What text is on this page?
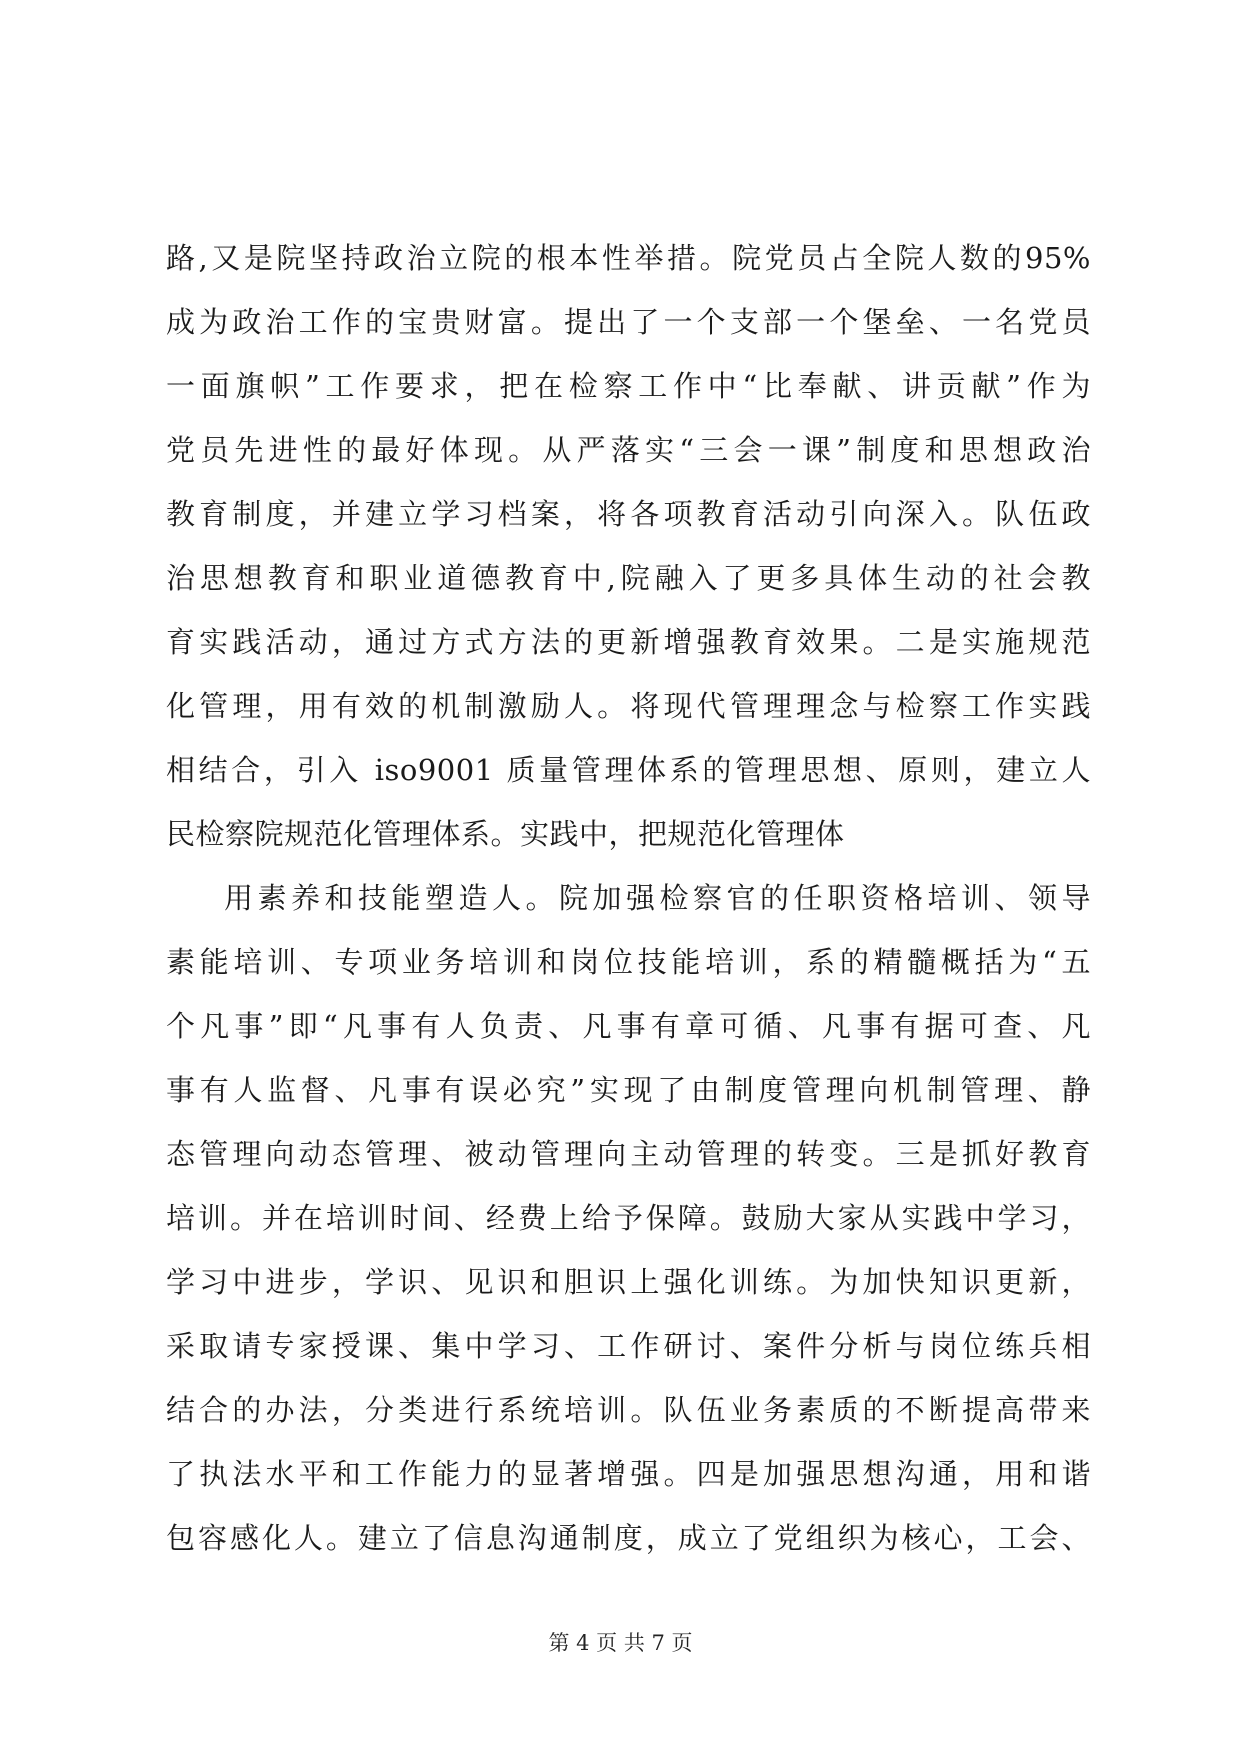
路,又是院坚持政治立院的根本性举措。院党员占全院人数的95%
成为政治工作的宝贵财富。提出了一个支部一个堡垒、一名党员
一面旗帜”工作要求，把在检察工作中“比奉献、讲贡献”作为
党员先进性的最好体现。从严落实“三会一课”制度和思想政治
教育制度，并建立学习档案，将各项教育活动引向深入。队伍政
治思想教育和职业道德教育中,院融入了更多具体生动的社会教
育实践活动，通过方式方法的更新增强教育效果。二是实施规范
化管理，用有效的机制激励人。将现代管理理念与检察工作实践
相结合，引入 iso9001 质量管理体系的管理思想、原则，建立人
民检察院规范化管理体系。实践中，把规范化管理体
用素养和技能塑造人。院加强检察官的任职资格培训、领导
素能培训、专项业务培训和岗位技能培训，系的精髓概括为“五
个凡事”即“凡事有人负责、凡事有章可循、凡事有据可查、凡
事有人监督、凡事有误必究”实现了由制度管理向机制管理、静
态管理向动态管理、被动管理向主动管理的转变。三是抓好教育
培训。并在培训时间、经费上给予保障。鼓励大家从实践中学习，
学习中进步，学识、见识和胆识上强化训练。为加快知识更新，
采取请专家授课、集中学习、工作研讨、案件分析与岗位练兵相
结合的办法，分类进行系统培训。队伍业务素质的不断提高带来
了执法水平和工作能力的显著增强。四是加强思想沟通，用和谐
包容感化人。建立了信息沟通制度，成立了党组织为核心，工会、
第 4 页 共 7 页
